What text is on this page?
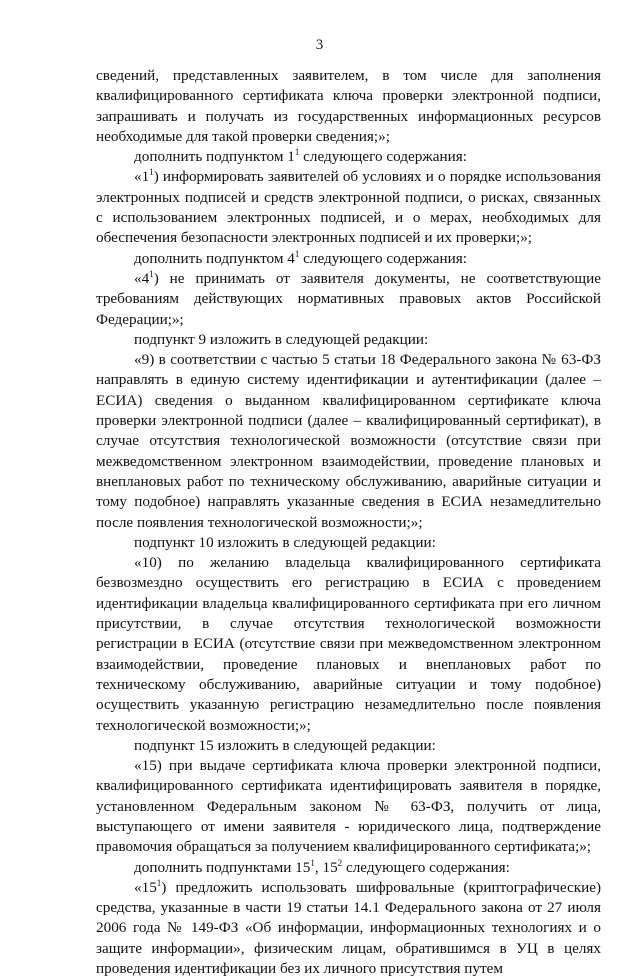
3

сведений, представленных заявителем, в том числе для заполнения квалифицированного сертификата ключа проверки электронной подписи, запрашивать и получать из государственных информационных ресурсов необходимые для такой проверки сведения;»;

дополнить подпунктом $1^1$ следующего содержания:

«$1^1$) информировать заявителей об условиях и о порядке использования электронных подписей и средств электронной подписи, о рисках, связанных с использованием электронных подписей, и о мерах, необходимых для обеспечения безопасности электронных подписей и их проверки;»;

дополнить подпунктом $4^1$ следующего содержания:

«$4^1$) не принимать от заявителя документы, не соответствующие требованиям действующих нормативных правовых актов Российской Федерации;»;

подпункт 9 изложить в следующей редакции:

«9) в соответствии с частью 5 статьи 18 Федерального закона № 63-ФЗ направлять в единую систему идентификации и аутентификации (далее – ЕСИА) сведения о выданном квалифицированном сертификате ключа проверки электронной подписи (далее – квалифицированный сертификат), в случае отсутствия технологической возможности (отсутствие связи при межведомственном электронном взаимодействии, проведение плановых и внеплановых работ по техническому обслуживанию, аварийные ситуации и тому подобное) направлять указанные сведения в ЕСИА незамедлительно после появления технологической возможности;»;

подпункт 10 изложить в следующей редакции:

«10) по желанию владельца квалифицированного сертификата безвозмездно осуществить его регистрацию в ЕСИА с проведением идентификации владельца квалифицированного сертификата при его личном присутствии, в случае отсутствия технологической возможности регистрации в ЕСИА (отсутствие связи при межведомственном электронном взаимодействии, проведение плановых и внеплановых работ по техническому обслуживанию, аварийные ситуации и тому подобное) осуществить указанную регистрацию незамедлительно после появления технологической возможности;»;

подпункт 15 изложить в следующей редакции:

«15) при выдаче сертификата ключа проверки электронной подписи, квалифицированного сертификата идентифицировать заявителя в порядке, установленном Федеральным законом № 63-ФЗ, получить от лица, выступающего от имени заявителя - юридического лица, подтверждение правомочия обращаться за получением квалифицированного сертификата;»;

дополнить подпунктами $15^1$, $15^2$ следующего содержания:

«$15^1$) предложить использовать шифровальные (криптографические) средства, указанные в части 19 статьи 14.1 Федерального закона от 27 июля 2006 года № 149-ФЗ «Об информации, информационных технологиях и о защите информации», физическим лицам, обратившимся в УЦ в целях проведения идентификации без их личного присутствия путем
